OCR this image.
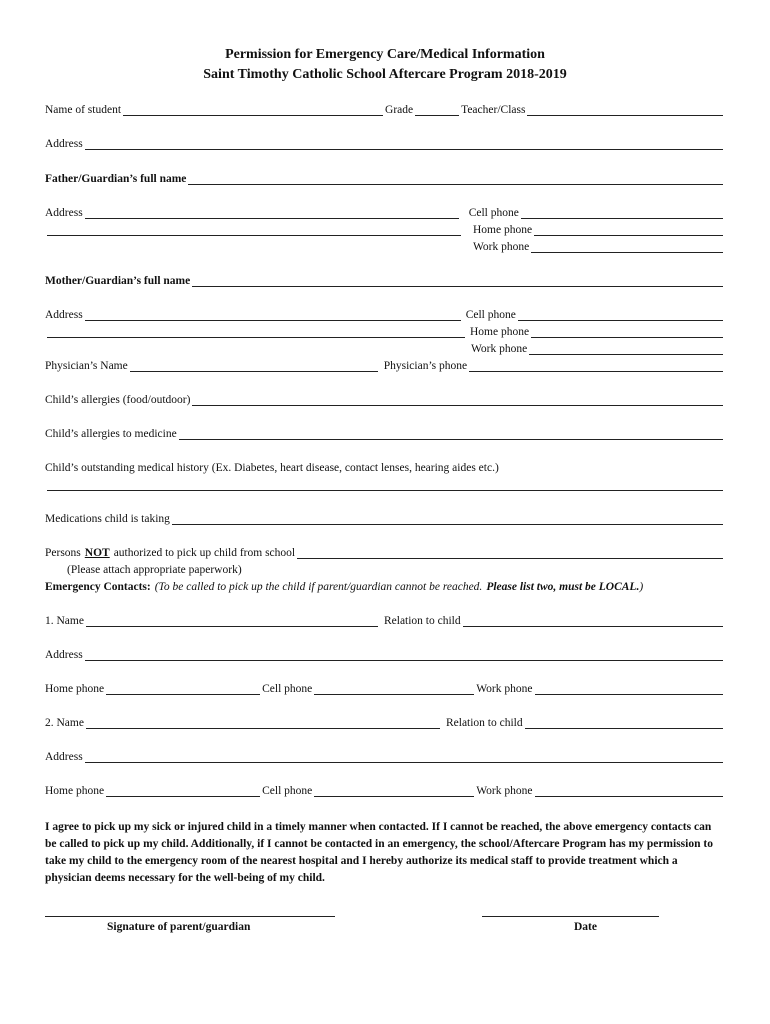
Permission for Emergency Care/Medical Information
Saint Timothy Catholic School Aftercare Program 2018-2019
Name of student	Grade	Teacher/Class
Address
Father/Guardian’s full name
Address	Cell phone
Home phone
Work phone
Mother/Guardian’s full name
Address	Cell phone
Home phone
Work phone
Physician’s Name	Physician’s phone
Child’s allergies (food/outdoor)
Child’s allergies to medicine
Child’s outstanding medical history (Ex. Diabetes, heart disease, contact lenses, hearing aides etc.)
Medications child is taking
Persons NOT authorized to pick up child from school
(Please attach appropriate paperwork)
Emergency Contacts: (To be called to pick up the child if parent/guardian cannot be reached. Please list two, must be LOCAL. )
1. Name	Relation to child
Address
Home phone	Cell phone	Work phone
2. Name	Relation to child
Address
Home phone	Cell phone	Work phone
I agree to pick up my sick or injured child in a timely manner when contacted. If I cannot be reached, the above emergency contacts can be called to pick up my child. Additionally, if I cannot be contacted in an emergency, the school/Aftercare Program has my permission to take my child to the emergency room of the nearest hospital and I hereby authorize its medical staff to provide treatment which a physician deems necessary for the well-being of my child.
Signature of parent/guardian	Date
